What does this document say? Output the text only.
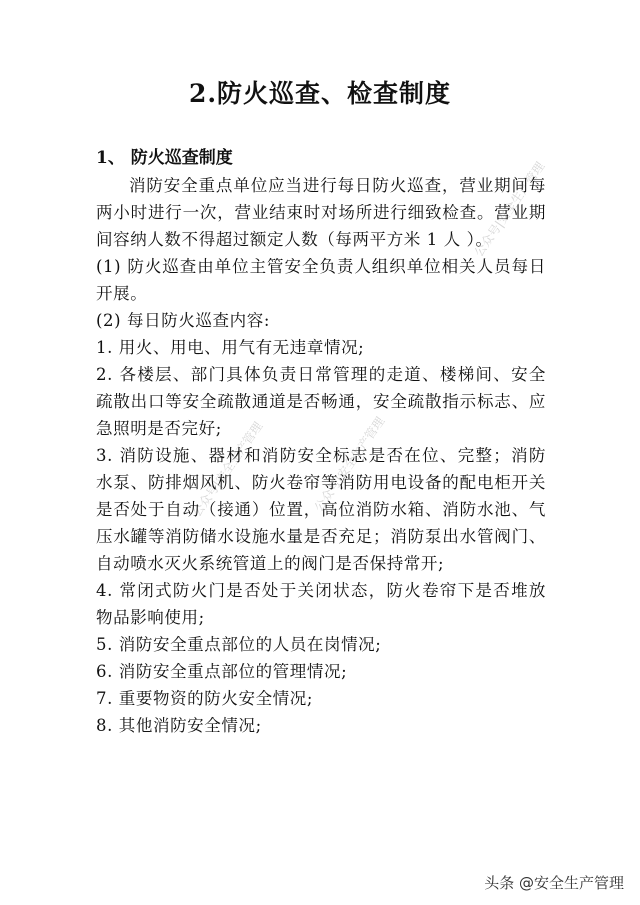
公众号|安全生产管理	公众号|安全生产管理
公众号|安全生产管理
2.防火巡查、检查制度
1、 防火巡查制度

消防安全重点单位应当进行每日防火巡查，营业期间每两小时进行一次，营业结束时对场所进行细致检查。营业期间容纳人数不得超过额定人数（每两平方米 1 人 ）。

(1) 防火巡查由单位主管安全负责人组织单位相关人员每日开展。

(2) 每日防火巡查内容:

1. 用火、用电、用气有无违章情况;

2. 各楼层、部门具体负责日常管理的走道、楼梯间、安全疏散出口等安全疏散通道是否畅通，安全疏散指示标志、应急照明是否完好;

3. 消防设施、器材和消防安全标志是否在位、完整；消防水泵、防排烟风机、防火卷帘等消防用电设备的配电柜开关是否处于自动（接通）位置，高位消防水箱、消防水池、气压水罐等消防储水设施水量是否充足；消防泵出水管阀门、自动喷水灭火系统管道上的阀门是否保持常开;

4. 常闭式防火门是否处于关闭状态，防火卷帘下是否堆放物品影响使用;

5. 消防安全重点部位的人员在岗情况;

6. 消防安全重点部位的管理情况;

7. 重要物资的防火安全情况;

8. 其他消防安全情况;

头条 @安全生产管理
